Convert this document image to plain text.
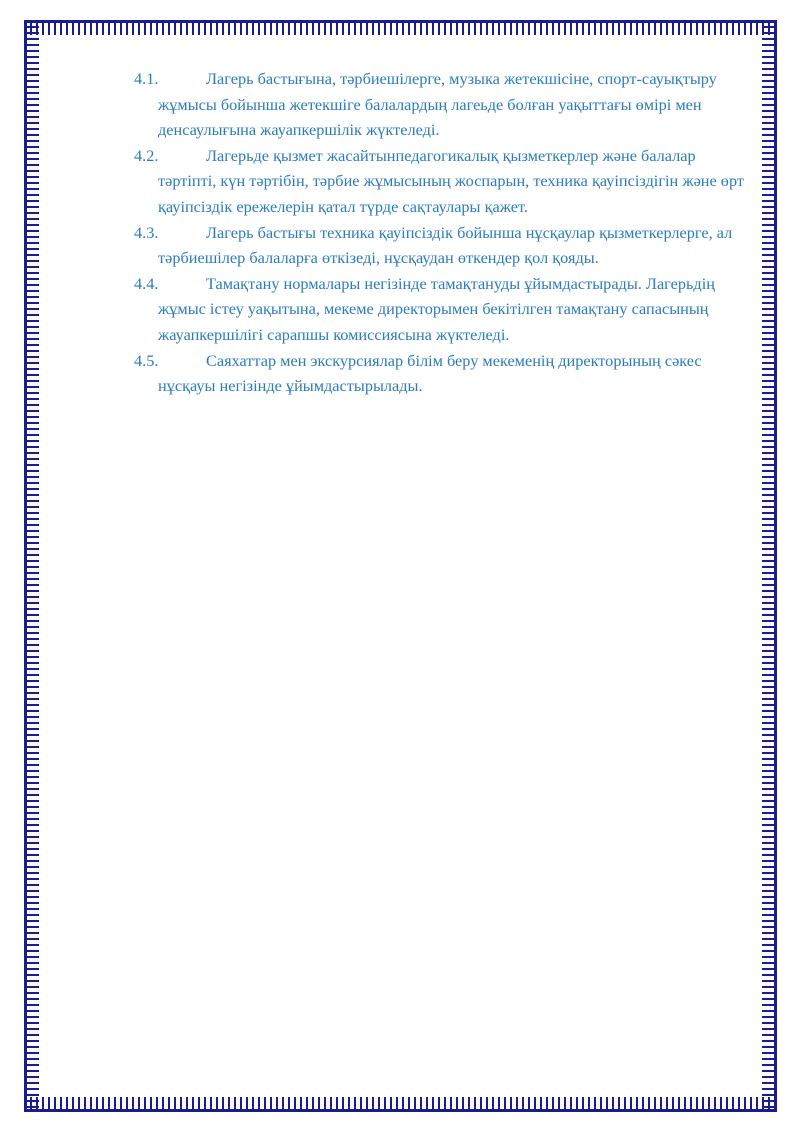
4.1.	Лагерь бастығына, тәрбиешілерге, музыка жетекшісіне, спорт-сауықтыру жұмысы бойынша жетекшіге балалардың лагеьде болған уақыттағы өмірі мен денсаулығына жауапкершілік жүктеледі.

4.2.	Лагерьде қызмет жасайтынпедагогикалық қызметкерлер және балалар тәртіпті, күн тәртібін, тәрбие жұмысының жоспарын, техника қауіпсіздігін және өрт қауіпсіздік ережелерін қатал түрде сақтаулары қажет.

4.3.	Лагерь бастығы техника қауіпсіздік бойынша нұсқаулар қызметкерлерге, ал тәрбиешілер балаларға өткізеді, нұсқаудан өткендер қол қояды.

4.4.	Тамақтану нормалары негізінде тамақтануды ұйымдастырады. Лагерьдің жұмыс істеу уақытына, мекеме директорымен бекітілген тамақтану сапасының жауапкершілігі сарапшы комиссиясына жүктеледі.

4.5.	Саяхаттар мен экскурсиялар білім беру мекеменің директорының сәкес нұсқауы негізінде ұйымдастырылады.
